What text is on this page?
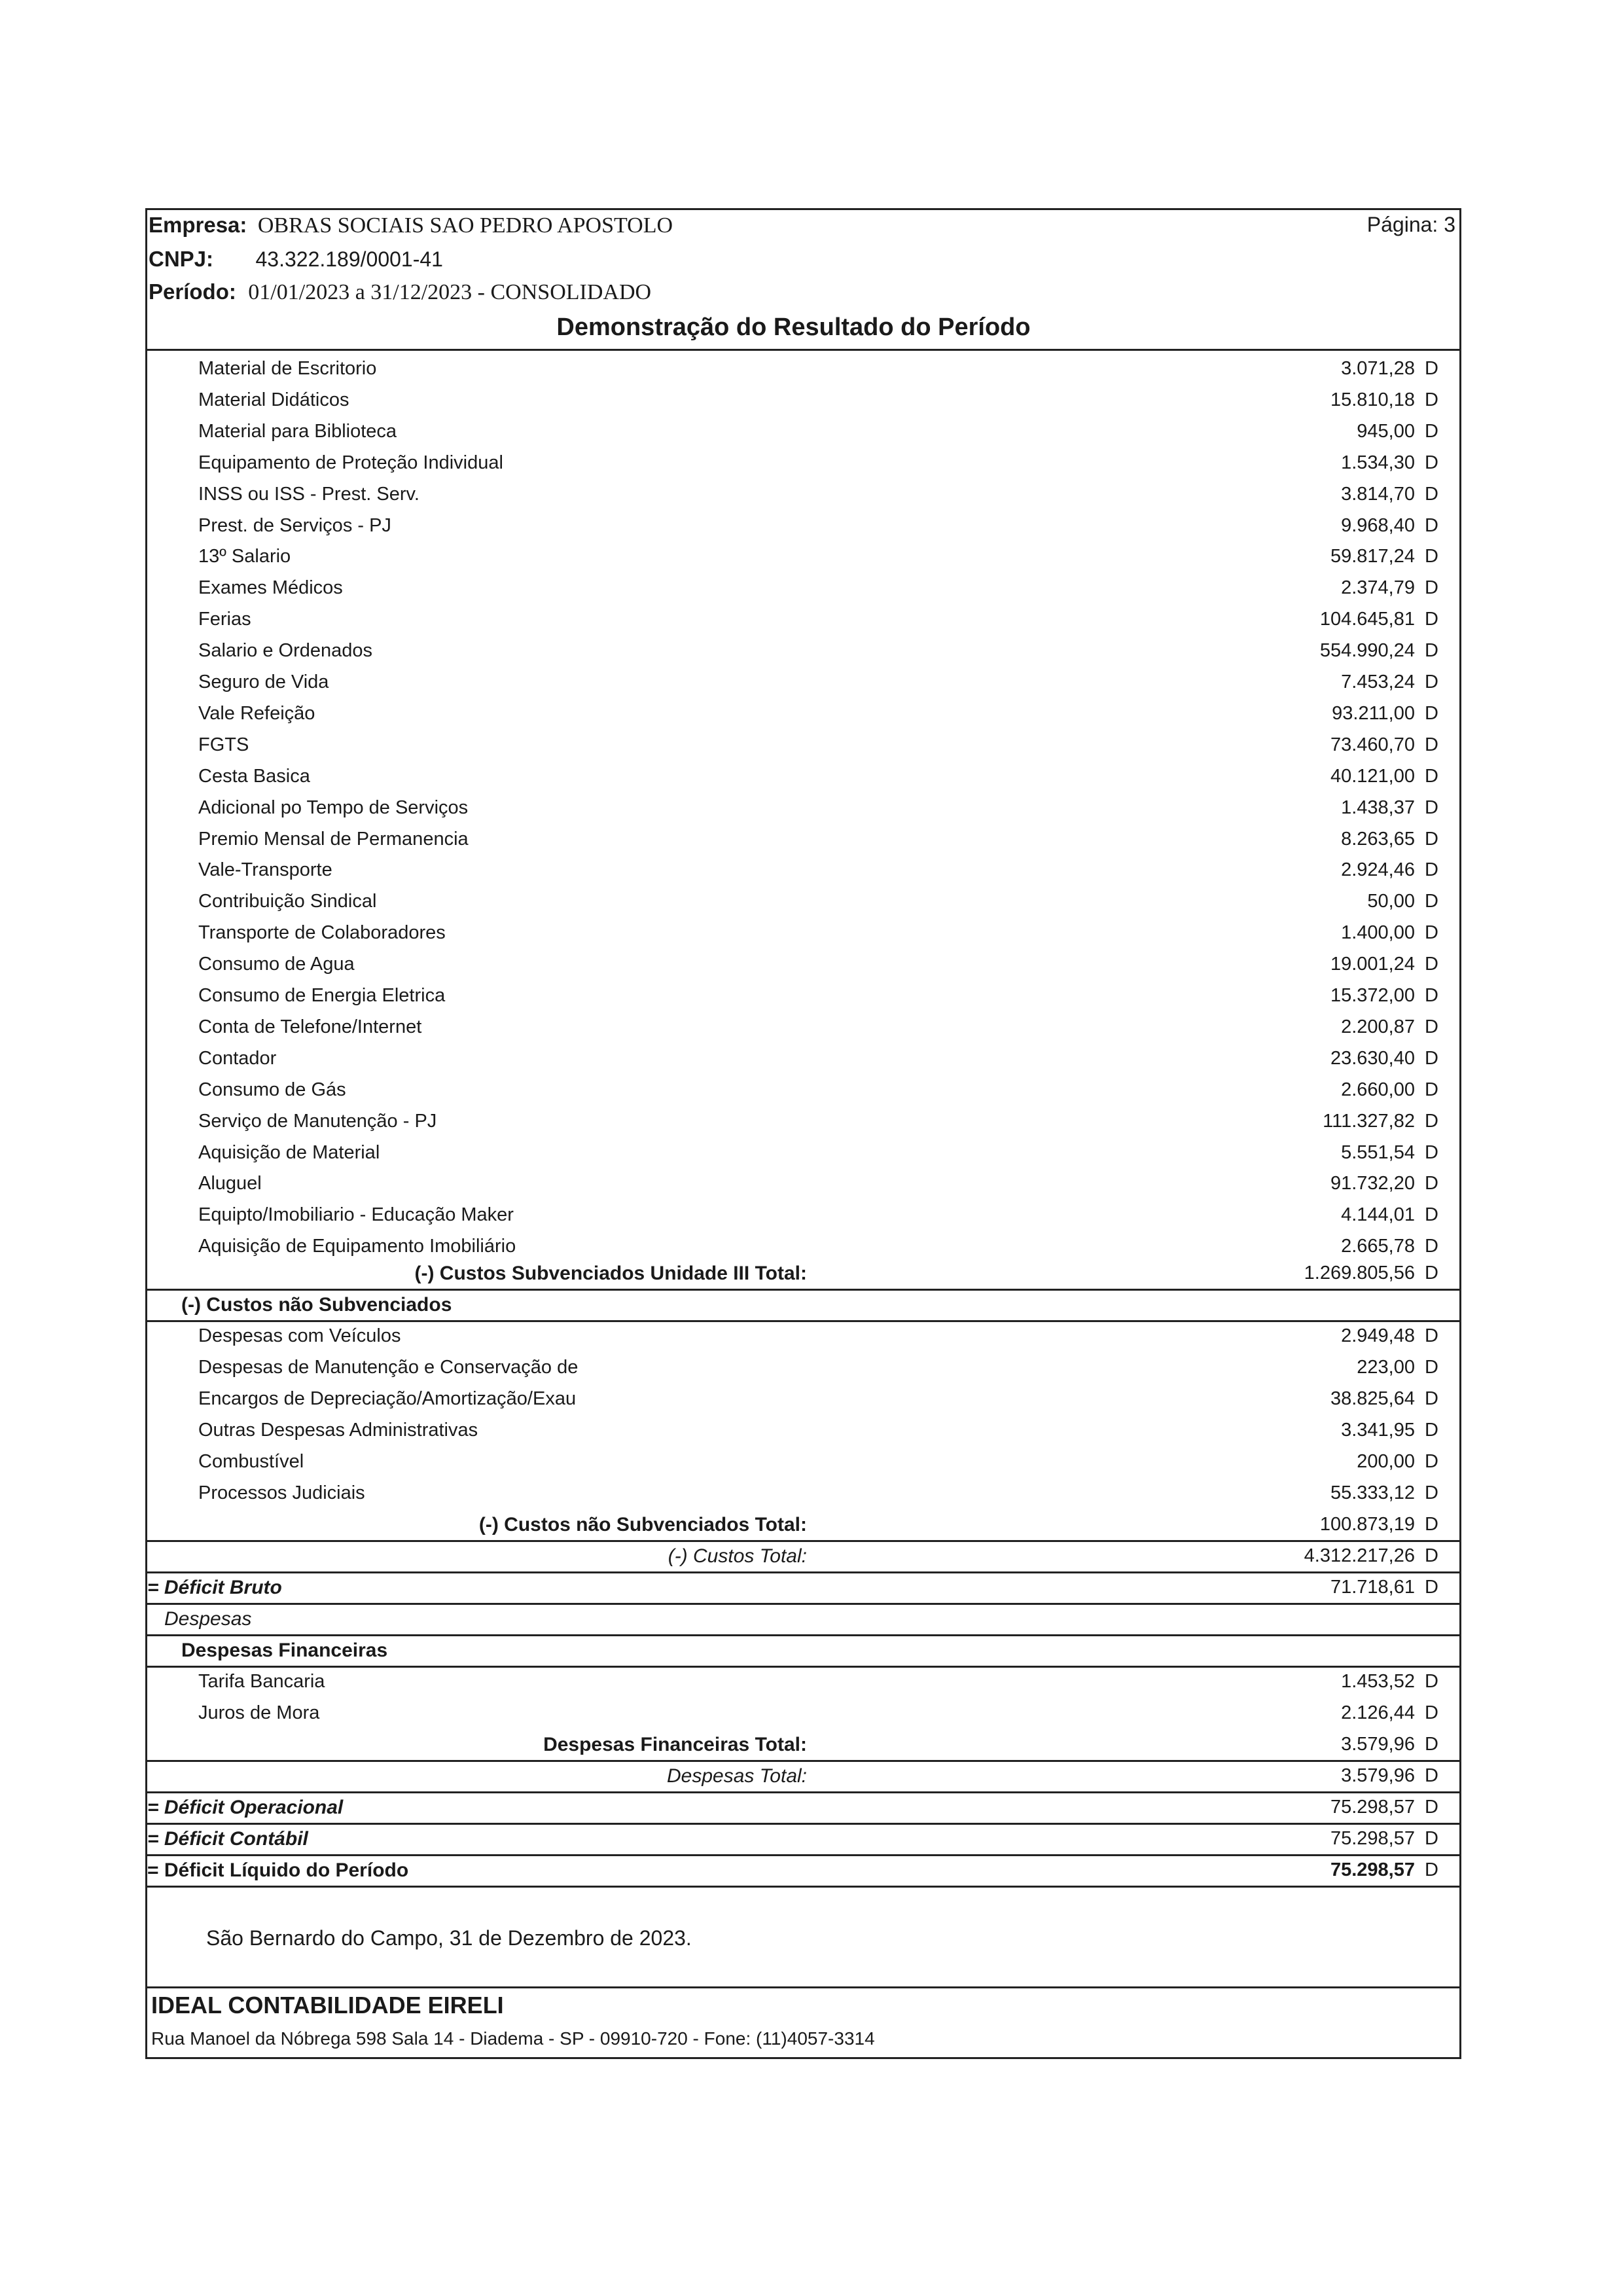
Empresa: OBRAS SOCIAIS SAO PEDRO APOSTOLO	Página: 3
CNPJ: 43.322.189/0001-41
Período: 01/01/2023 a 31/12/2023 - CONSOLIDADO
Demonstração do Resultado do Período
Material de Escritorio	3.071,28 D
Material Didáticos	15.810,18 D
Material para Biblioteca	945,00 D
Equipamento de Proteção Individual	1.534,30 D
INSS ou ISS - Prest. Serv.	3.814,70 D
Prest. de Serviços - PJ	9.968,40 D
13º Salario	59.817,24 D
Exames Médicos	2.374,79 D
Ferias	104.645,81 D
Salario e Ordenados	554.990,24 D
Seguro de Vida	7.453,24 D
Vale Refeição	93.211,00 D
FGTS	73.460,70 D
Cesta Basica	40.121,00 D
Adicional po Tempo de Serviços	1.438,37 D
Premio Mensal de Permanencia	8.263,65 D
Vale-Transporte	2.924,46 D
Contribuição Sindical	50,00 D
Transporte de Colaboradores	1.400,00 D
Consumo de Agua	19.001,24 D
Consumo de Energia Eletrica	15.372,00 D
Conta de Telefone/Internet	2.200,87 D
Contador	23.630,40 D
Consumo de Gás	2.660,00 D
Serviço de Manutenção - PJ	111.327,82 D
Aquisição de Material	5.551,54 D
Aluguel	91.732,20 D
Equipto/Imobiliario - Educação Maker	4.144,01 D
Aquisição de Equipamento Imobiliário	2.665,78 D
(-) Custos Subvenciados Unidade III Total:	1.269.805,56 D
(-) Custos não Subvenciados
Despesas com Veículos	2.949,48 D
Despesas de Manutenção e Conservação de	223,00 D
Encargos de Depreciação/Amortização/Exau	38.825,64 D
Outras Despesas Administrativas	3.341,95 D
Combustível	200,00 D
Processos Judiciais	55.333,12 D
(-) Custos não Subvenciados Total:	100.873,19 D
(-) Custos Total:	4.312.217,26 D
= Déficit Bruto	71.718,61 D
Despesas
Despesas Financeiras
Tarifa Bancaria	1.453,52 D
Juros de Mora	2.126,44 D
Despesas Financeiras Total:	3.579,96 D
Despesas Total:	3.579,96 D
= Déficit Operacional	75.298,57 D
= Déficit Contábil	75.298,57 D
= Déficit Líquido do Período	75.298,57 D
São Bernardo do Campo, 31 de Dezembro de 2023.
IDEAL CONTABILIDADE EIRELI
Rua Manoel da Nóbrega 598 Sala 14 - Diadema - SP - 09910-720 - Fone: (11)4057-3314
